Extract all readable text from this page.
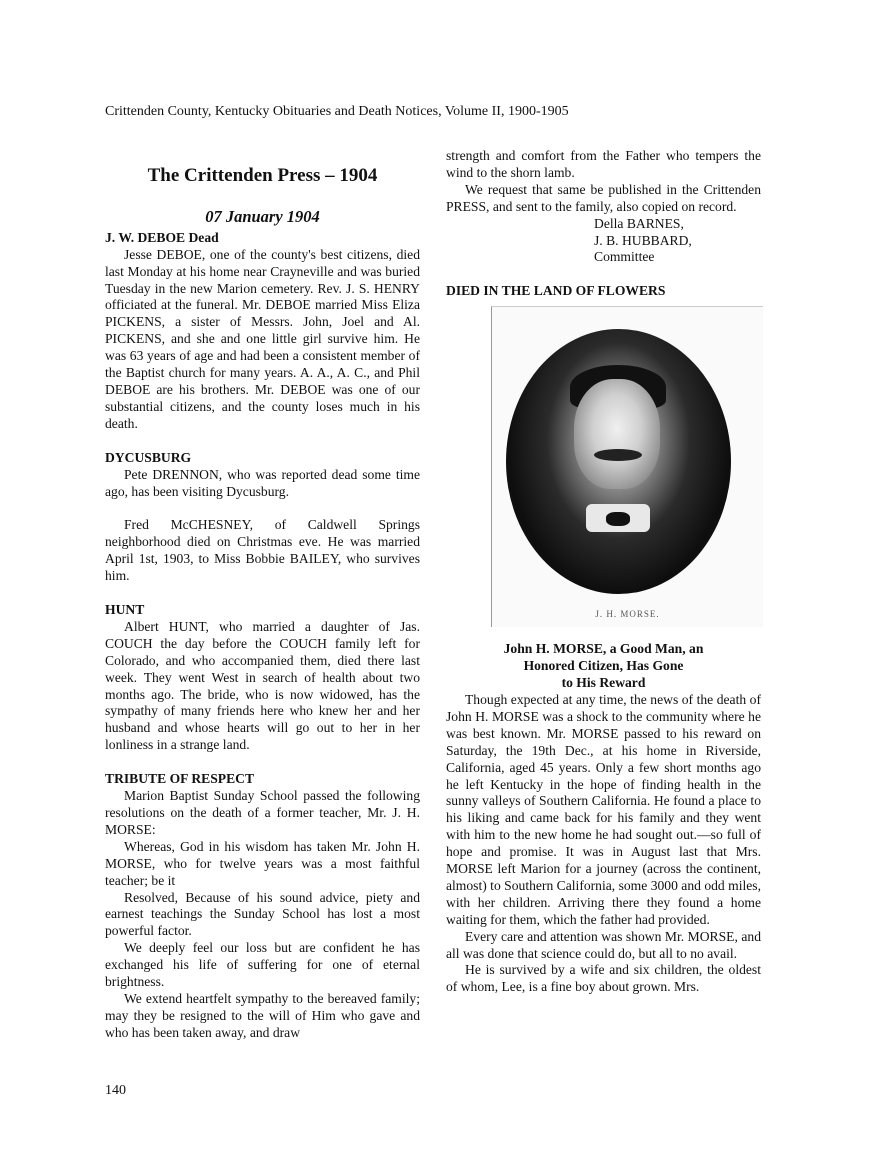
Crittenden County, Kentucky Obituaries and Death Notices, Volume II, 1900-1905
The Crittenden Press – 1904
07 January 1904
J. W. DEBOE Dead

Jesse DEBOE, one of the county's best citizens, died last Monday at his home near Crayneville and was buried Tuesday in the new Marion cemetery. Rev. J. S. HENRY officiated at the funeral. Mr. DEBOE married Miss Eliza PICKENS, a sister of Messrs. John, Joel and Al. PICKENS, and she and one little girl survive him. He was 63 years of age and had been a consistent member of the Baptist church for many years. A. A., A. C., and Phil DEBOE are his brothers. Mr. DEBOE was one of our substantial citizens, and the county loses much in his death.

DYCUSBURG

Pete DRENNON, who was reported dead some time ago, has been visiting Dycusburg.

Fred McCHESNEY, of Caldwell Springs neighborhood died on Christmas eve. He was married April 1st, 1903, to Miss Bobbie BAILEY, who survives him.

HUNT

Albert HUNT, who married a daughter of Jas. COUCH the day before the COUCH family left for Colorado, and who accompanied them, died there last week. They went West in search of health about two months ago. The bride, who is now widowed, has the sympathy of many friends here who knew her and her husband and whose hearts will go out to her in her lonliness in a strange land.

TRIBUTE OF RESPECT

Marion Baptist Sunday School passed the following resolutions on the death of a former teacher, Mr. J. H. MORSE:

Whereas, God in his wisdom has taken Mr. John H. MORSE, who for twelve years was a most faithful teacher; be it

Resolved, Because of his sound advice, piety and earnest teachings the Sunday School has lost a most powerful factor.

We deeply feel our loss but are confident he has exchanged his life of suffering for one of eternal brightness.

We extend heartfelt sympathy to the bereaved family; may they be resigned to the will of Him who gave and who has been taken away, and draw

strength and comfort from the Father who tempers the wind to the shorn lamb.

We request that same be published in the Crittenden PRESS, and sent to the family, also copied on record.

Della BARNES,
J. B. HUBBARD,
Committee
DIED IN THE LAND OF FLOWERS
J. H. MORSE.
John H. MORSE, a Good Man, an
Honored Citizen, Has Gone
to His Reward

Though expected at any time, the news of the death of John H. MORSE was a shock to the community where he was best known. Mr. MORSE passed to his reward on Saturday, the 19th Dec., at his home in Riverside, California, aged 45 years. Only a few short months ago he left Kentucky in the hope of finding health in the sunny valleys of Southern California. He found a place to his liking and came back for his family and they went with him to the new home he had sought out.—so full of hope and promise. It was in August last that Mrs. MORSE left Marion for a journey (across the continent, almost) to Southern California, some 3000 and odd miles, with her children. Arriving there they found a home waiting for them, which the father had provided.

Every care and attention was shown Mr. MORSE, and all was done that science could do, but all to no avail.

He is survived by a wife and six children, the oldest of whom, Lee, is a fine boy about grown. Mrs.

140
